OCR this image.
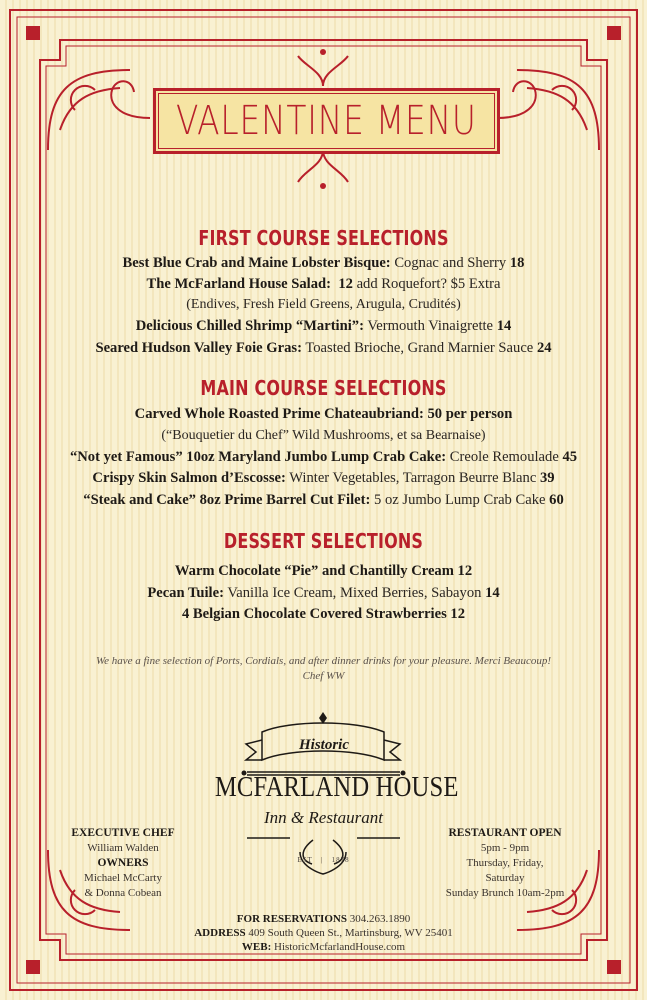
VALENTINE MENU
FIRST COURSE SELECTIONS
Best Blue Crab and Maine Lobster Bisque: Cognac and Sherry 18
The McFarland House Salad: 12 add Roquefort? $5 Extra
(Endives, Fresh Field Greens, Arugula, Crudités)
Delicious Chilled Shrimp “Martini”: Vermouth Vinaigrette 14
Seared Hudson Valley Foie Gras: Toasted Brioche, Grand Marnier Sauce 24
MAIN COURSE SELECTIONS
Carved Whole Roasted Prime Chateaubriand: 50 per person
(“Bouquetier du Chef” Wild Mushrooms, et sa Bearnaise)
“Not yet Famous” 10oz Maryland Jumbo Lump Crab Cake: Creole Remoulade 45
Crispy Skin Salmon d’Escosse: Winter Vegetables, Tarragon Beurre Blanc 39
“Steak and Cake” 8oz Prime Barrel Cut Filet: 5 oz Jumbo Lump Crab Cake 60
DESSERT SELECTIONS
Warm Chocolate “Pie” and Chantilly Cream 12
Pecan Tuile: Vanilla Ice Cream, Mixed Berries, Sabayon 14
4 Belgian Chocolate Covered Strawberries 12
We have a fine selection of Ports, Cordials, and after dinner drinks for your pleasure. Merci Beaucoup!
Chef WW
Historic
MCFARLAND HOUSE
Inn & Restaurant
EST   |   1878
EXECUTIVE CHEF
William Walden
OWNERS
Michael McCarty
& Donna Cobean
RESTAURANT OPEN
5pm - 9pm
Thursday, Friday,
Saturday
Sunday Brunch 10am-2pm
FOR RESERVATIONS 304.263.1890
ADDRESS 409 South Queen St., Martinsburg, WV 25401
WEB: HistoricMcfarlandHouse.com
